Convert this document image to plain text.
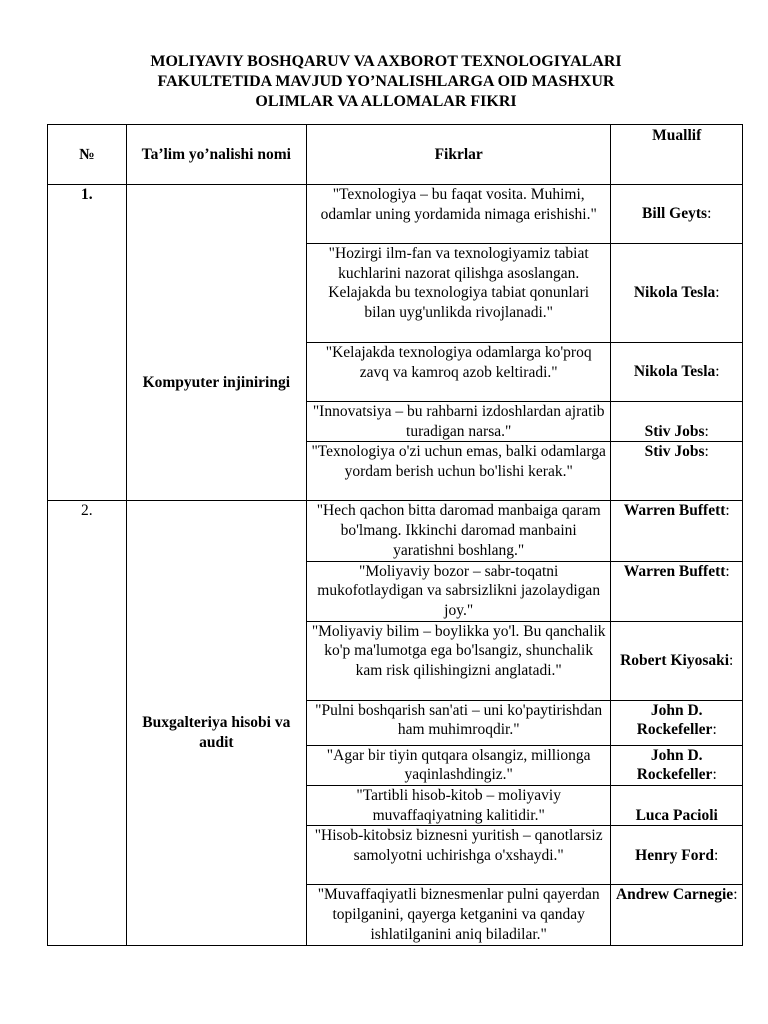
MOLIYAVIY BOSHQARUV VA AXBOROT TEXNOLOGIYALARI
FAKULTETIDA MAVJUD YO’NALISHLARGA OID MASHXUR
OLIMLAR VA ALLOMALAR FIKRI
№	Ta’lim yo’nalishi nomi	Fikrlar	Muallif
1.	Kompyuter injiniringi	"Texnologiya – bu faqat vosita. Muhimi, odamlar uning yordamida nimaga erishishi."	Bill Geyts:
		"Hozirgi ilm-fan va texnologiyamiz tabiat kuchlarini nazorat qilishga asoslangan. Kelajakda bu texnologiya tabiat qonunlari bilan uyg'unlikda rivojlanadi."	Nikola Tesla:
		"Kelajakda texnologiya odamlarga ko'proq zavq va kamroq azob keltiradi."	Nikola Tesla:
		"Innovatsiya – bu rahbarni izdoshlardan ajratib turadigan narsa."	Stiv Jobs:
		"Texnologiya o'zi uchun emas, balki odamlarga yordam berish uchun bo'lishi kerak."	Stiv Jobs:
2.	Buxgalteriya hisobi va audit	"Hech qachon bitta daromad manbaiga qaram bo'lmang. Ikkinchi daromad manbaini yaratishni boshlang."	Warren Buffett:
		"Moliyaviy bozor – sabr-toqatni mukofotlaydigan va sabrsizlikni jazolaydigan joy."	Warren Buffett:
		"Moliyaviy bilim – boylikka yo'l. Bu qanchalik ko'p ma'lumotga ega bo'lsangiz, shunchalik kam risk qilishingizni anglatadi."	Robert Kiyosaki:
		"Pulni boshqarish san'ati – uni ko'paytirishdan ham muhimroqdir."	John D. Rockefeller:
		"Agar bir tiyin qutqara olsangiz, millionga yaqinlashdingiz."	John D. Rockefeller:
		"Tartibli hisob-kitob – moliyaviy muvaffaqiyatning kalitidir."	Luca Pacioli
		"Hisob-kitobsiz biznesni yuritish – qanotlarsiz samolyotni uchirishga o'xshaydi."	Henry Ford:
		"Muvaffaqiyatli biznesmenlar pulni qayerdan topilganini, qayerga ketganini va qanday ishlatilganini aniq biladilar."	Andrew Carnegie:
